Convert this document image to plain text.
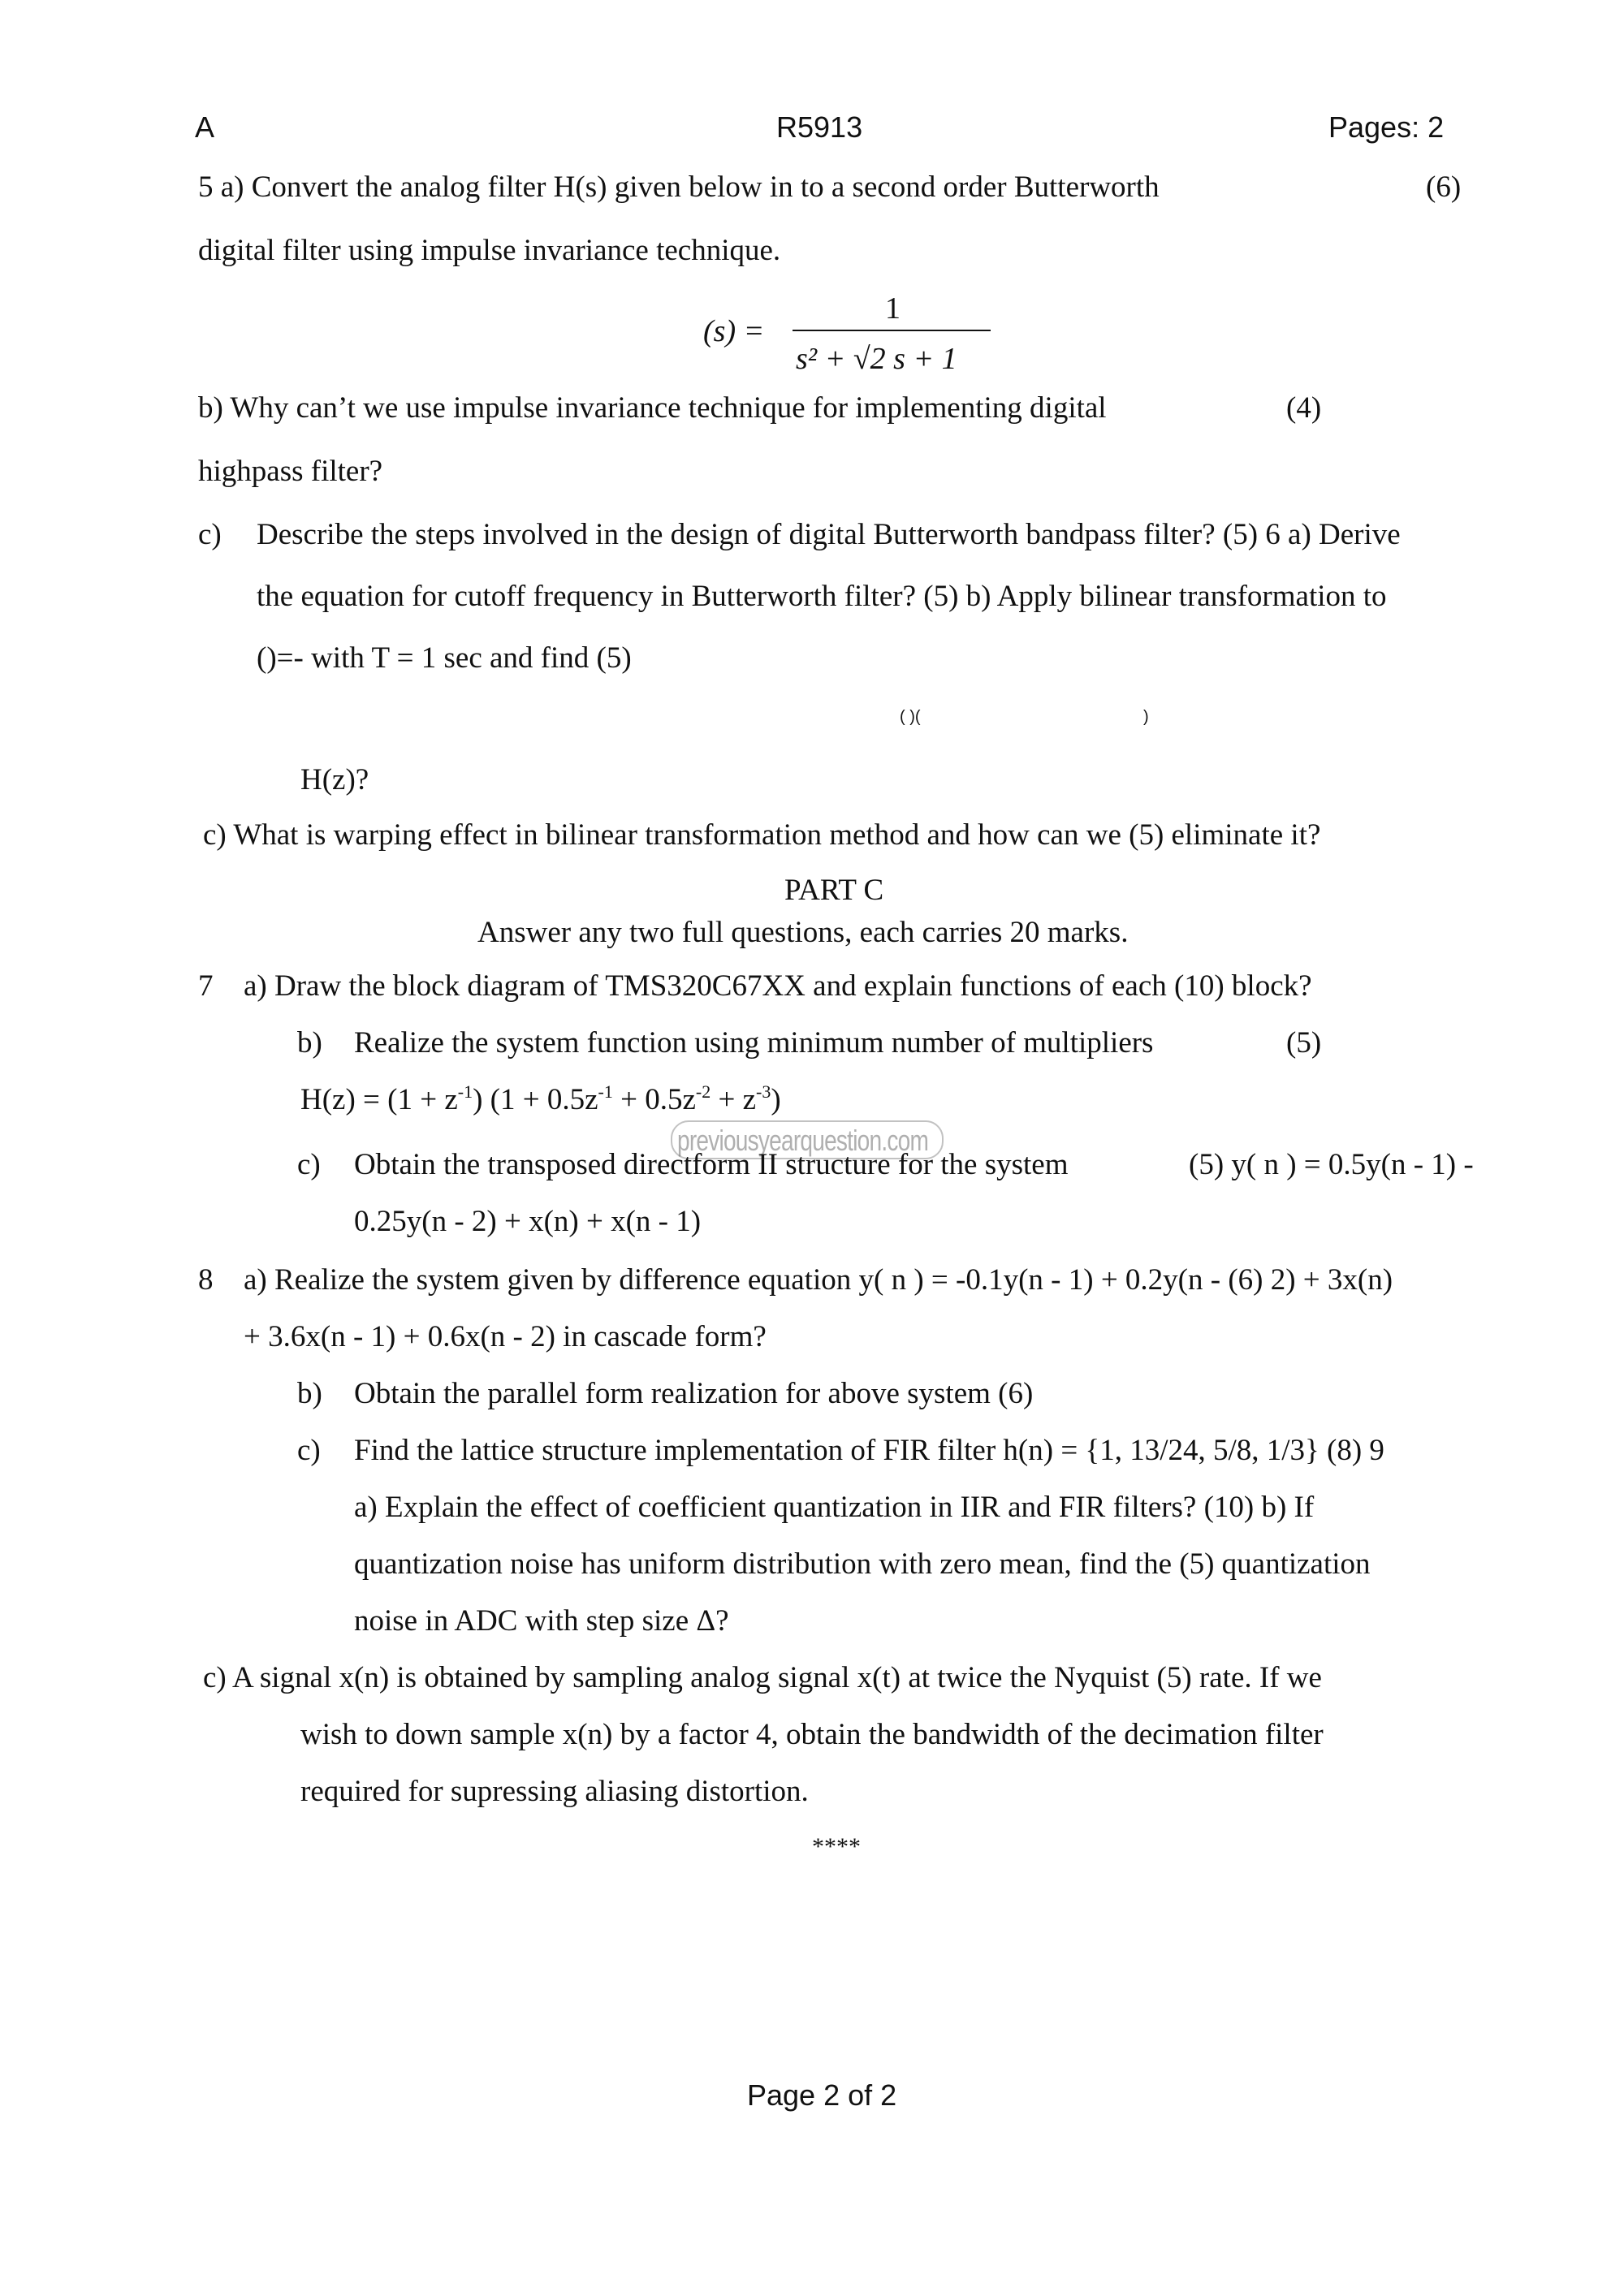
A	R5913	Pages: 2
5 a) Convert the analog filter H(s) given below in to a second order Butterworth	(6)
digital filter using impulse invariance technique.
(s) =
1
s² + √2 s + 1
b) Why can’t we use impulse invariance technique for implementing digital	(4)
highpass filter?
c) Describe the steps involved in the design of digital Butterworth bandpass filter? (5) 6 a) Derive
the equation for cutoff frequency in Butterworth filter? (5) b) Apply bilinear transformation to
()=- with T = 1 sec and find (5)
( )(	)
H(z)?
c) What is warping effect in bilinear transformation method and how can we (5) eliminate it?
PART C
Answer any two full questions, each carries 20 marks.
7 a) Draw the block diagram of TMS320C67XX and explain functions of each (10) block?
b) Realize the system function using minimum number of multipliers	(5)
$H(z) = (1 + z^{-1})$ $(1 + 0.5z^{-1} + 0.5z^{-2} + z^{-3})$
previousyearquestion.com
c) Obtain the transposed directform II structure for the system	(5) y( n ) = 0.5y(n - 1) -
0.25y(n - 2) + x(n) + x(n - 1)
8 a) Realize the system given by difference equation y( n ) = -0.1y(n - 1) + 0.2y(n - (6) 2) + 3x(n)
+ 3.6x(n - 1) + 0.6x(n - 2) in cascade form?
b) Obtain the parallel form realization for above system (6)
c) Find the lattice structure implementation of FIR filter h(n) = {1, 13/24, 5/8, 1/3} (8) 9
a) Explain the effect of coefficient quantization in IIR and FIR filters? (10) b) If
quantization noise has uniform distribution with zero mean, find the (5) quantization
noise in ADC with step size Δ?
c) A signal x(n) is obtained by sampling analog signal x(t) at twice the Nyquist (5) rate. If we
wish to down sample x(n) by a factor 4, obtain the bandwidth of the decimation filter
required for supressing aliasing distortion.
****
Page 2 of 2
